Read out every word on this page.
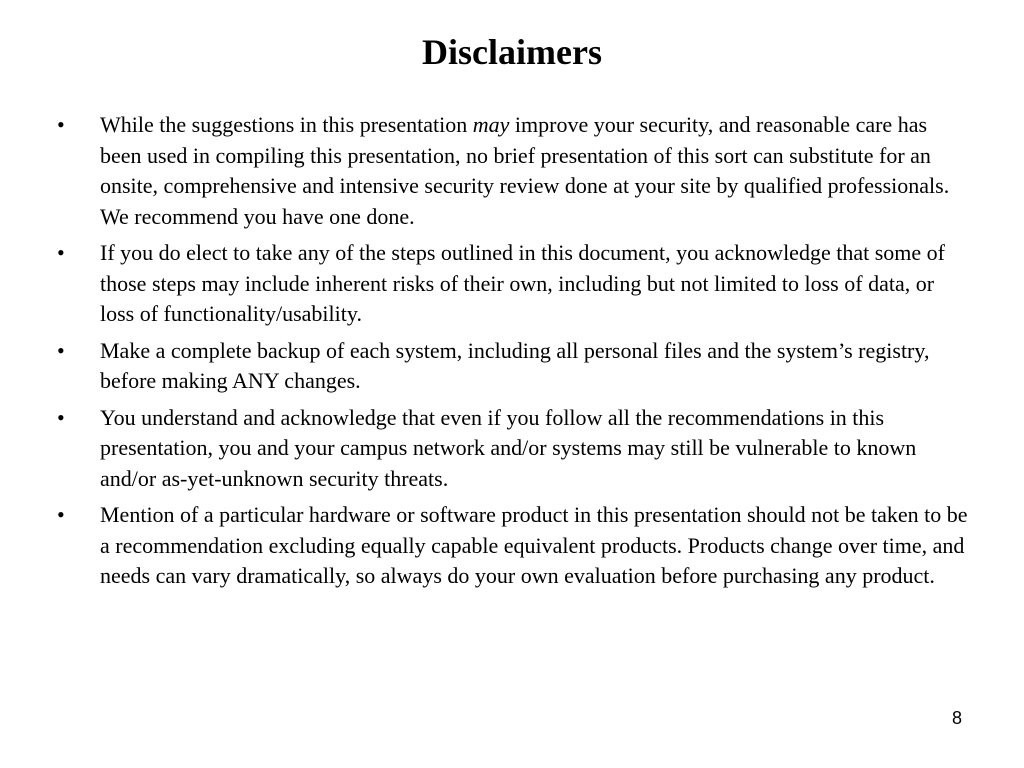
Disclaimers
•	While the suggestions in this presentation may improve your security, and reasonable care has been used in compiling this presentation, no brief presentation of this sort can substitute for an onsite, comprehensive and intensive security review done at your site by qualified professionals. We recommend you have one done.
•	If you do elect to take any of the steps outlined in this document, you acknowledge that some of those steps may include inherent risks of their own, including but not limited to loss of data, or loss of functionality/usability.
•	Make a complete backup of each system, including all personal files and the system’s registry, before making ANY changes.
•	You understand and acknowledge that even if you follow all the recommendations in this presentation, you and your campus network and/or systems may still be vulnerable to known and/or as-yet-unknown security threats.
•	Mention of a particular hardware or software product in this presentation should not be taken to be a recommendation excluding equally capable equivalent products. Products change over time, and needs can vary dramatically, so always do your own evaluation before purchasing any product.
8
